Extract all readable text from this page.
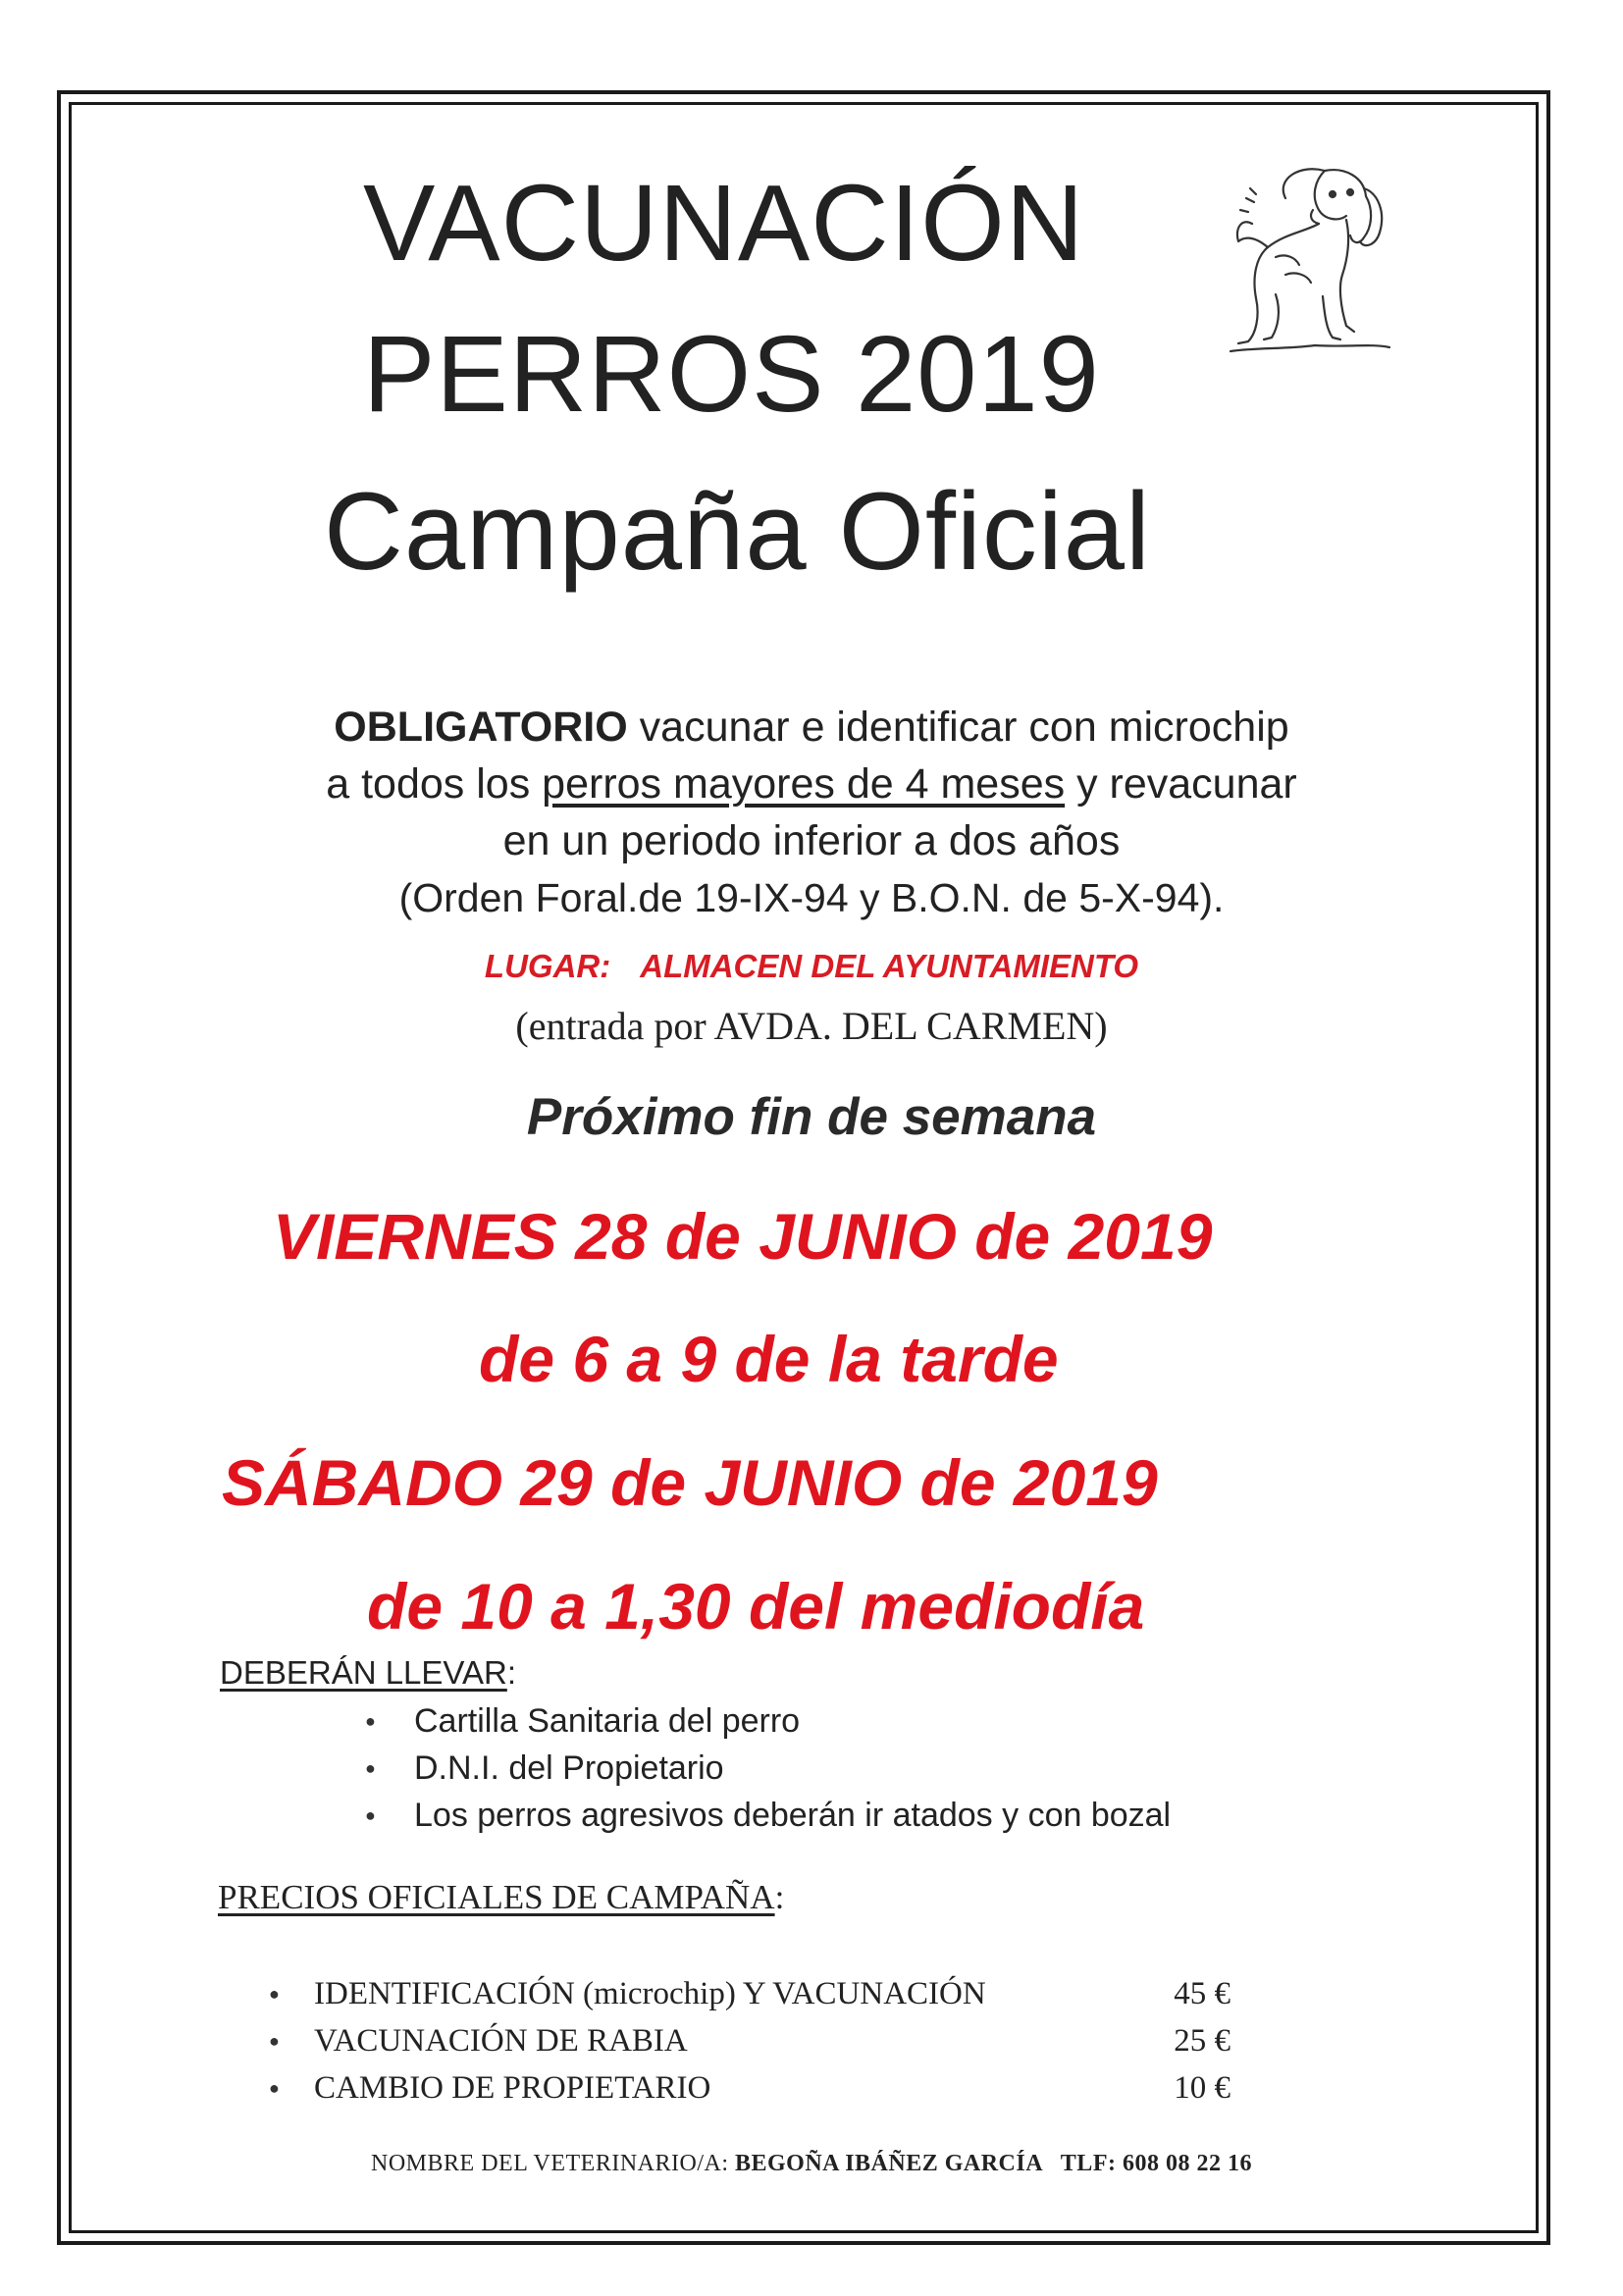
VACUNACIÓN
PERROS 2019
Campaña Oficial
OBLIGATORIO vacunar e identificar con microchip
a todos los perros mayores de 4 meses y revacunar
en un periodo inferior a dos años
(Orden Foral.de 19-IX-94 y B.O.N. de 5-X-94).
LUGAR: ALMACEN DEL AYUNTAMIENTO
(entrada por AVDA. DEL CARMEN)
Próximo fin de semana
VIERNES 28 de JUNIO de 2019
de 6 a 9 de la tarde
SÁBADO 29 de JUNIO de 2019
de 10 a 1,30 del mediodía
DEBERÁN LLEVAR:
● Cartilla Sanitaria del perro
● D.N.I. del Propietario
● Los perros agresivos deberán ir atados y con bozal
PRECIOS OFICIALES DE CAMPAÑA:
● IDENTIFICACIÓN (microchip) Y VACUNACIÓN	45 €
● VACUNACIÓN DE RABIA	25 €
● CAMBIO DE PROPIETARIO	10 €
NOMBRE DEL VETERINARIO/A: BEGOÑA IBÁÑEZ GARCÍA   TLF: 608 08 22 16
